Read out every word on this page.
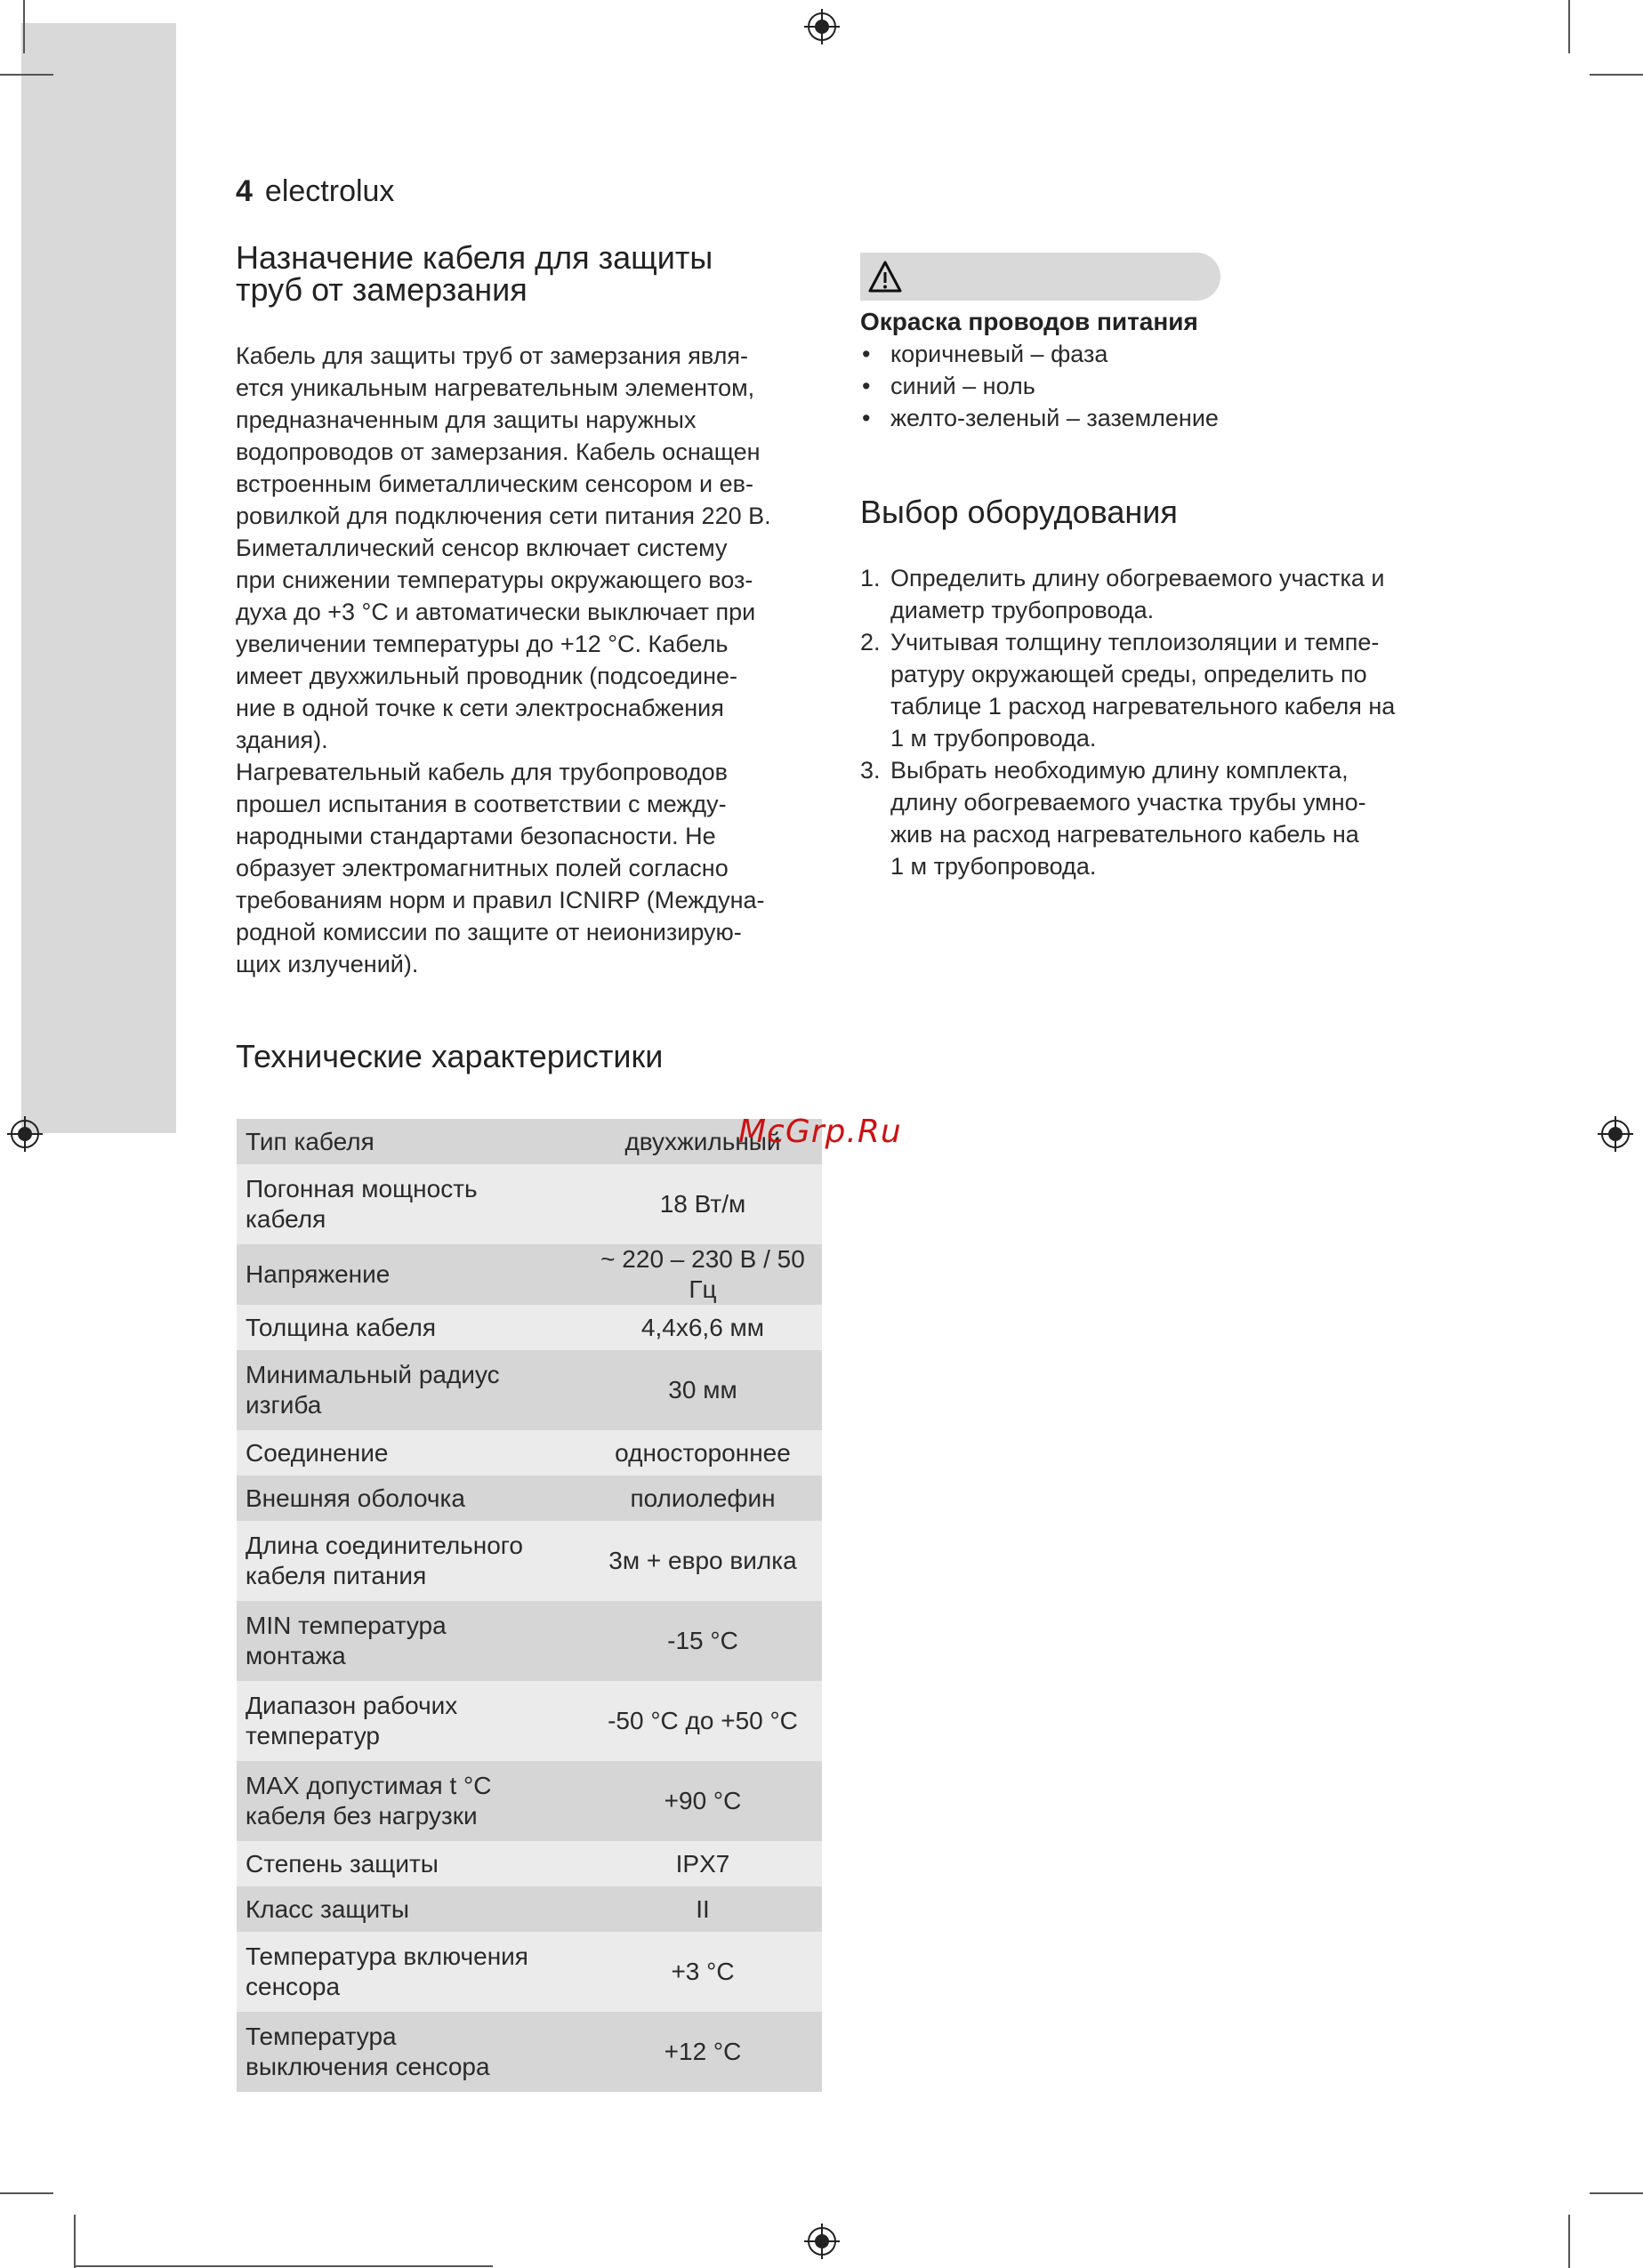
4 electrolux
Назначение кабеля для защиты
труб от замерзания

Кабель для защиты труб от замерзания явля-
ется уникальным нагревательным элементом,
предназначенным для защиты наружных
водопроводов от замерзания. Кабель оснащен
встроенным биметаллическим сенсором и ев-
ровилкой для подключения сети питания 220 В.
Биметаллический сенсор включает систему
при снижении температуры окружающего воз-
духа до +3 °С и автоматически выключает при
увеличении температуры до +12 °С. Кабель
имеет двухжильный проводник (подсоедине-
ние в одной точке к сети электроснабжения
здания).

Нагревательный кабель для трубопроводов
прошел испытания в соответствии с между-
народными стандартами безопасности. Не
образует электромагнитных полей согласно
требованиям норм и правил ICNIRP (Междуна-
родной комиссии по защите от неионизирую-
щих излучений).

Окраска проводов питания
• коричневый – фаза
• синий – ноль
• желто-зеленый – заземление
Выбор оборудования
1. Определить длину обогреваемого участка и
диаметр трубопровода.
2. Учитывая толщину теплоизоляции и темпе-
ратуру окружающей среды, определить по
таблице 1 расход нагревательного кабеля на
1 м трубопровода.
3. Выбрать необходимую длину комплекта,
длину обогреваемого участка трубы умно-
жив на расход нагревательного кабель на
1 м трубопровода.
Технические характеристики
Тип кабеля	двухжильный
Погонная мощность
кабеля	18 Вт/м
Напряжение	~ 220 – 230 В / 50 Гц
Толщина кабеля	4,4х6,6 мм
Минимальный радиус
изгиба	30 мм
Соединение	одностороннее
Внешняя оболочка	полиолефин
Длина соединительного
кабеля питания	3м + евро вилка
MIN температура
монтажа	-15 °C
Диапазон рабочих
температур	-50 °C до +50 °C
MAX допустимая t °C
кабеля без нагрузки	+90 °C
Степень защиты	IPX7
Класс защиты	II
Температура включения
сенсора	+3 °C
Температура
выключения сенсора	+12 °C
McGrp.Ru
